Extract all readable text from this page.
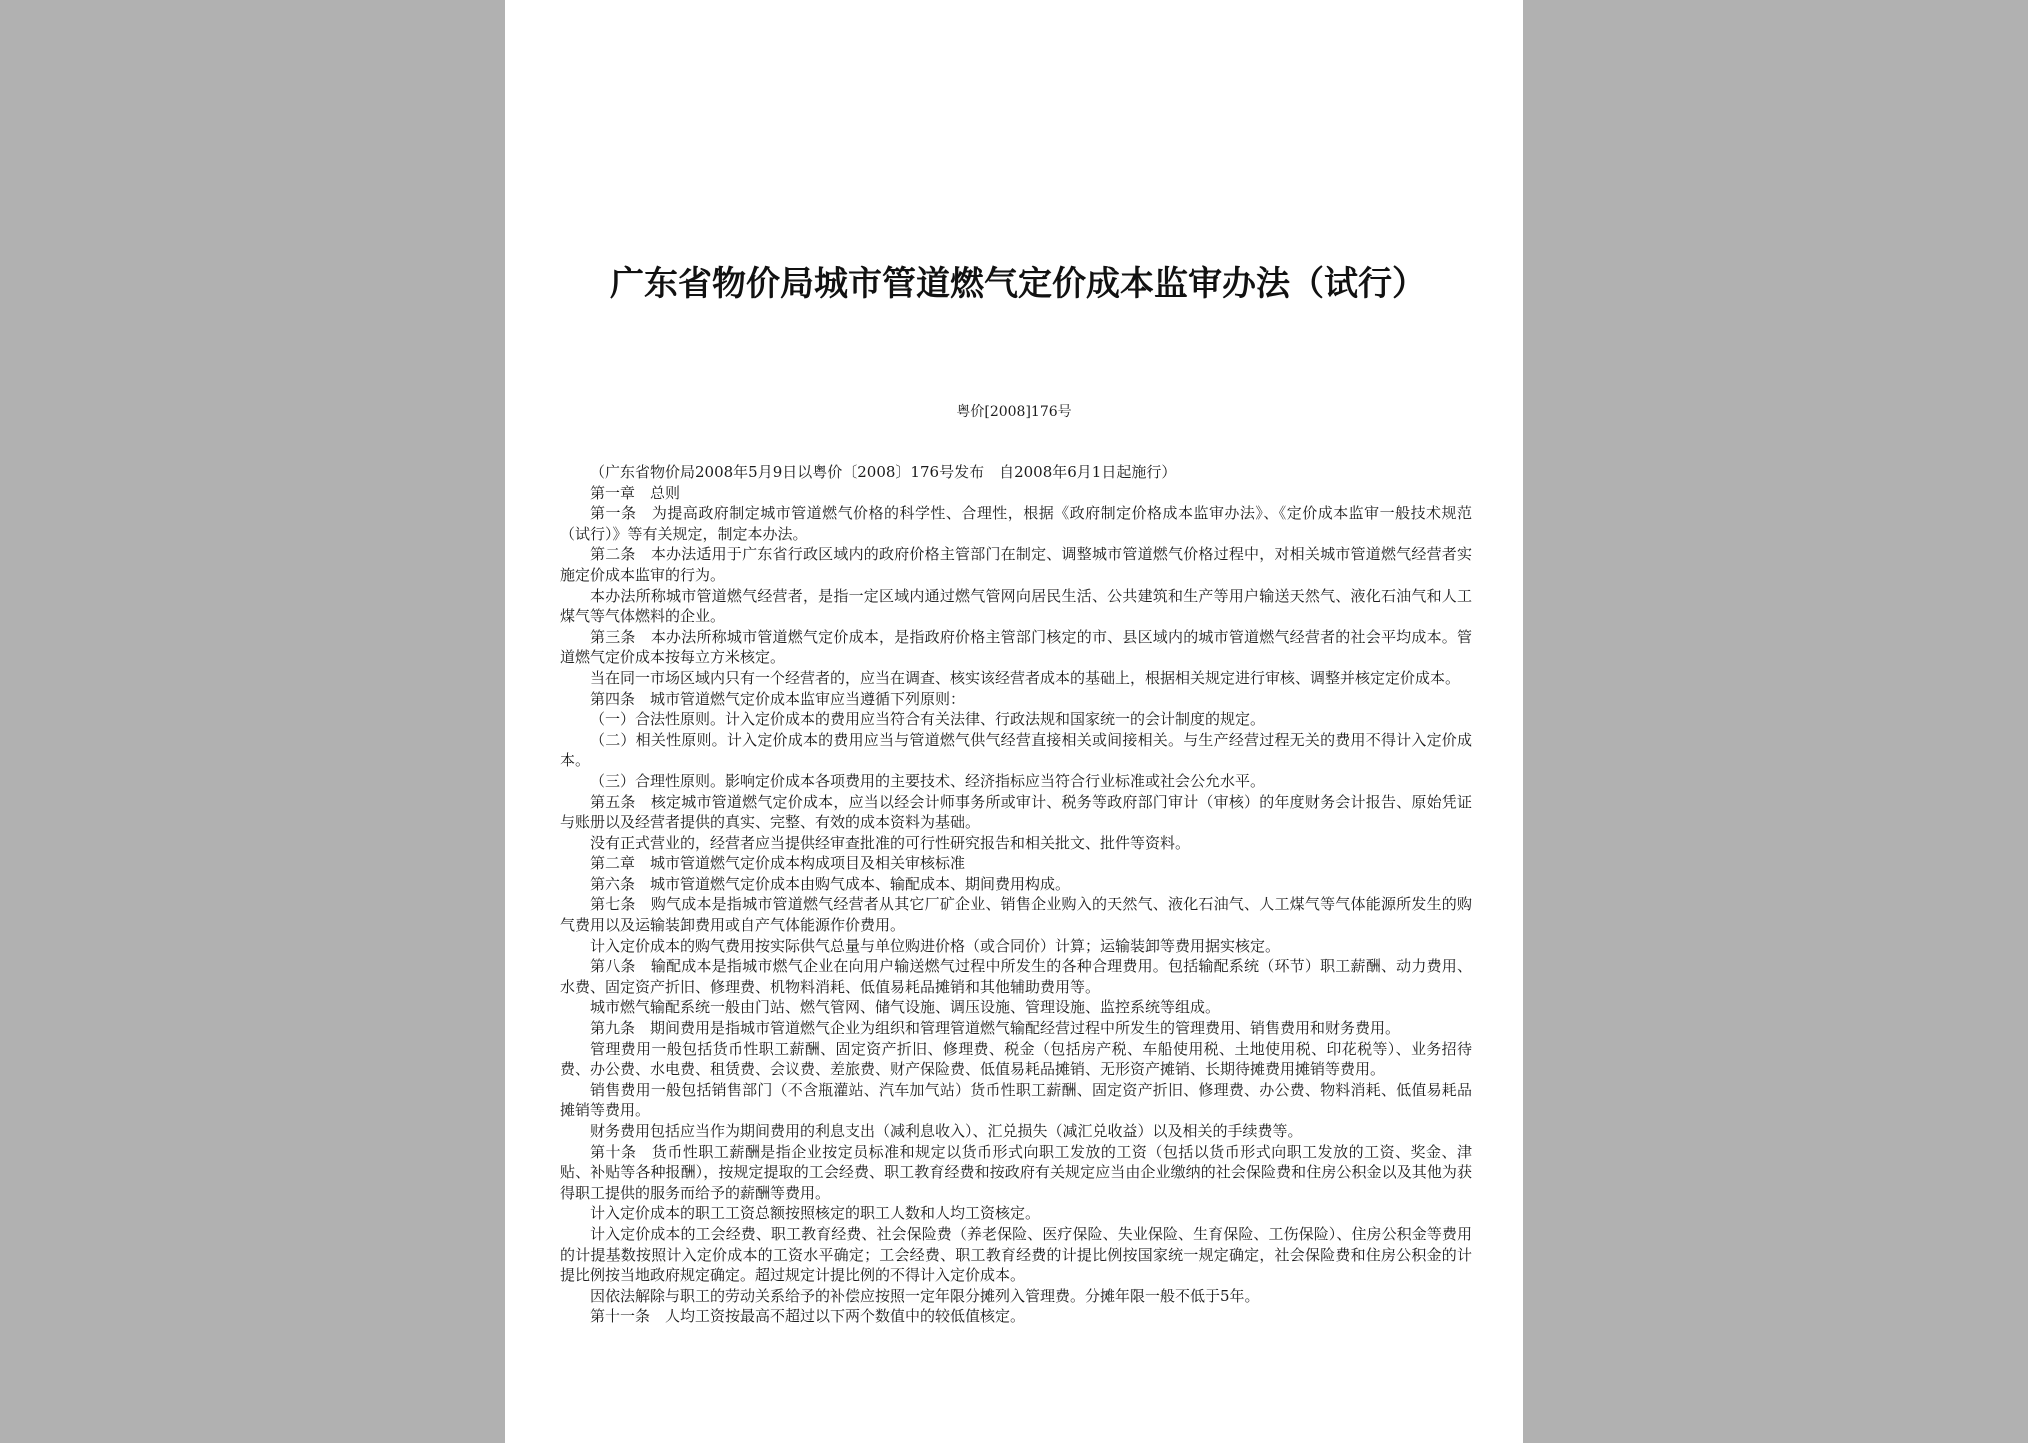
广东省物价局城市管道燃气定价成本监审办法（试行）
粤价[2008]176号

（广东省物价局2008年5月9日以粤价〔2008〕176号发布　自2008年6月1日起施行）

第一章　总则

第一条　为提高政府制定城市管道燃气价格的科学性、合理性，根据《政府制定价格成本监审办法》、《定价成本监审一般技术规范（试行）》等有关规定，制定本办法。

第二条　本办法适用于广东省行政区域内的政府价格主管部门在制定、调整城市管道燃气价格过程中，对相关城市管道燃气经营者实施定价成本监审的行为。

本办法所称城市管道燃气经营者，是指一定区域内通过燃气管网向居民生活、公共建筑和生产等用户输送天然气、液化石油气和人工煤气等气体燃料的企业。

第三条　本办法所称城市管道燃气定价成本，是指政府价格主管部门核定的市、县区域内的城市管道燃气经营者的社会平均成本。管道燃气定价成本按每立方米核定。

当在同一市场区域内只有一个经营者的，应当在调查、核实该经营者成本的基础上，根据相关规定进行审核、调整并核定定价成本。

第四条　城市管道燃气定价成本监审应当遵循下列原则：

（一）合法性原则。计入定价成本的费用应当符合有关法律、行政法规和国家统一的会计制度的规定。

（二）相关性原则。计入定价成本的费用应当与管道燃气供气经营直接相关或间接相关。与生产经营过程无关的费用不得计入定价成本。

（三）合理性原则。影响定价成本各项费用的主要技术、经济指标应当符合行业标准或社会公允水平。

第五条　核定城市管道燃气定价成本，应当以经会计师事务所或审计、税务等政府部门审计（审核）的年度财务会计报告、原始凭证与账册以及经营者提供的真实、完整、有效的成本资料为基础。

没有正式营业的，经营者应当提供经审查批准的可行性研究报告和相关批文、批件等资料。

第二章　城市管道燃气定价成本构成项目及相关审核标准

第六条　城市管道燃气定价成本由购气成本、输配成本、期间费用构成。

第七条　购气成本是指城市管道燃气经营者从其它厂矿企业、销售企业购入的天然气、液化石油气、人工煤气等气体能源所发生的购气费用以及运输装卸费用或自产气体能源作价费用。

计入定价成本的购气费用按实际供气总量与单位购进价格（或合同价）计算；运输装卸等费用据实核定。

第八条　输配成本是指城市燃气企业在向用户输送燃气过程中所发生的各种合理费用。包括输配系统（环节）职工薪酬、动力费用、水费、固定资产折旧、修理费、机物料消耗、低值易耗品摊销和其他辅助费用等。

城市燃气输配系统一般由门站、燃气管网、储气设施、调压设施、管理设施、监控系统等组成。

第九条　期间费用是指城市管道燃气企业为组织和管理管道燃气输配经营过程中所发生的管理费用、销售费用和财务费用。

管理费用一般包括货币性职工薪酬、固定资产折旧、修理费、税金（包括房产税、车船使用税、土地使用税、印花税等）、业务招待费、办公费、水电费、租赁费、会议费、差旅费、财产保险费、低值易耗品摊销、无形资产摊销、长期待摊费用摊销等费用。

销售费用一般包括销售部门（不含瓶灌站、汽车加气站）货币性职工薪酬、固定资产折旧、修理费、办公费、物料消耗、低值易耗品摊销等费用。

财务费用包括应当作为期间费用的利息支出（减利息收入）、汇兑损失（减汇兑收益）以及相关的手续费等。

第十条　货币性职工薪酬是指企业按定员标准和规定以货币形式向职工发放的工资（包括以货币形式向职工发放的工资、奖金、津贴、补贴等各种报酬），按规定提取的工会经费、职工教育经费和按政府有关规定应当由企业缴纳的社会保险费和住房公积金以及其他为获得职工提供的服务而给予的薪酬等费用。

计入定价成本的职工工资总额按照核定的职工人数和人均工资核定。

计入定价成本的工会经费、职工教育经费、社会保险费（养老保险、医疗保险、失业保险、生育保险、工伤保险）、住房公积金等费用的计提基数按照计入定价成本的工资水平确定；工会经费、职工教育经费的计提比例按国家统一规定确定，社会保险费和住房公积金的计提比例按当地政府规定确定。超过规定计提比例的不得计入定价成本。

因依法解除与职工的劳动关系给予的补偿应按照一定年限分摊列入管理费。分摊年限一般不低于5年。

第十一条　人均工资按最高不超过以下两个数值中的较低值核定。
